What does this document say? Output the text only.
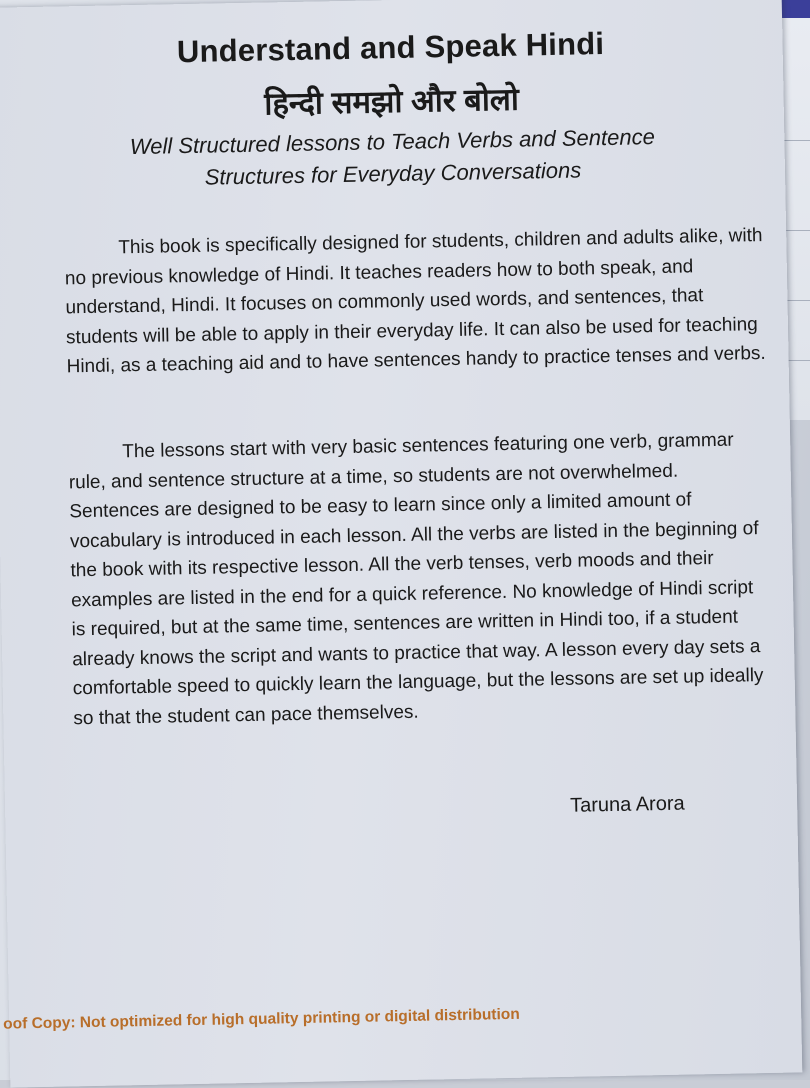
Understand and Speak Hindi
हिन्दी समझो और बोलो
Well Structured lessons to Teach Verbs and Sentence
Structures for Everyday Conversations

This book is specifically designed for students, children and adults alike, with no previous knowledge of Hindi. It teaches readers how to both speak, and understand, Hindi. It focuses on commonly used words, and sentences, that students will be able to apply in their everyday life. It can also be used for teaching Hindi, as a teaching aid and to have sentences handy to practice tenses and verbs.

The lessons start with very basic sentences featuring one verb, grammar rule, and sentence structure at a time, so students are not overwhelmed. Sentences are designed to be easy to learn since only a limited amount of vocabulary is introduced in each lesson. All the verbs are listed in the beginning of the book with its respective lesson. All the verb tenses, verb moods and their examples are listed in the end for a quick reference. No knowledge of Hindi script is required, but at the same time, sentences are written in Hindi too, if a student already knows the script and wants to practice that way. A lesson every day sets a comfortable speed to quickly learn the language, but the lessons are set up ideally so that the student can pace themselves.

Taruna Arora
oof Copy: Not optimized for high quality printing or digital distribution
